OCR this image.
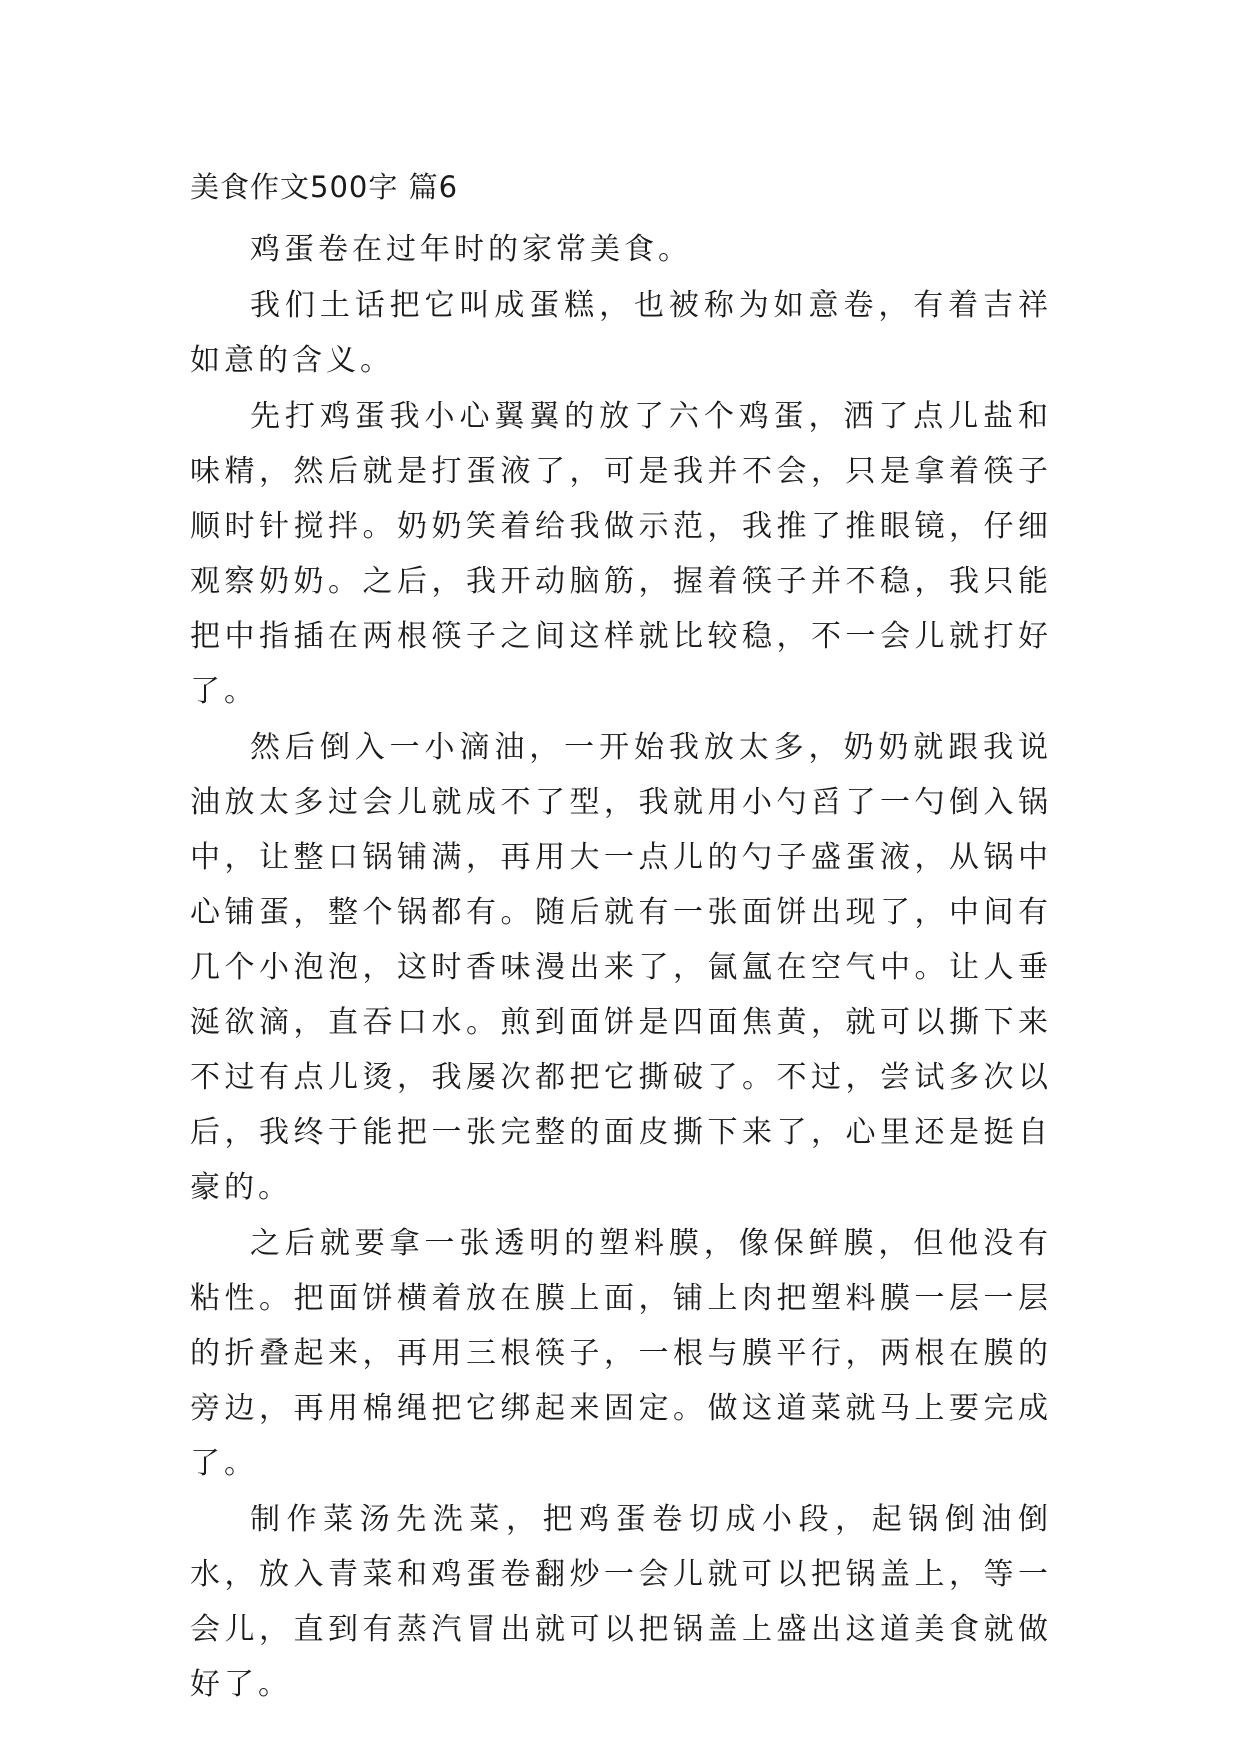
美食作文500字 篇6

鸡蛋卷在过年时的家常美食。

我们土话把它叫成蛋糕，也被称为如意卷，有着吉祥如意的含义。

先打鸡蛋我小心翼翼的放了六个鸡蛋，洒了点儿盐和味精，然后就是打蛋液了，可是我并不会，只是拿着筷子顺时针搅拌。奶奶笑着给我做示范，我推了推眼镜，仔细观察奶奶。之后，我开动脑筋，握着筷子并不稳，我只能把中指插在两根筷子之间这样就比较稳，不一会儿就打好了。

然后倒入一小滴油，一开始我放太多，奶奶就跟我说油放太多过会儿就成不了型，我就用小勺舀了一勺倒入锅中，让整口锅铺满，再用大一点儿的勺子盛蛋液，从锅中心铺蛋，整个锅都有。随后就有一张面饼出现了，中间有几个小泡泡，这时香味漫出来了，氤氲在空气中。让人垂涎欲滴，直吞口水。煎到面饼是四面焦黄，就可以撕下来不过有点儿烫，我屡次都把它撕破了。不过，尝试多次以后，我终于能把一张完整的面皮撕下来了，心里还是挺自豪的。

之后就要拿一张透明的塑料膜，像保鲜膜，但他没有粘性。把面饼横着放在膜上面，铺上肉把塑料膜一层一层的折叠起来，再用三根筷子，一根与膜平行，两根在膜的旁边，再用棉绳把它绑起来固定。做这道菜就马上要完成了。

制作菜汤先洗菜，把鸡蛋卷切成小段，起锅倒油倒水，放入青菜和鸡蛋卷翻炒一会儿就可以把锅盖上，等一会儿，直到有蒸汽冒出就可以把锅盖上盛出这道美食就做好了。
